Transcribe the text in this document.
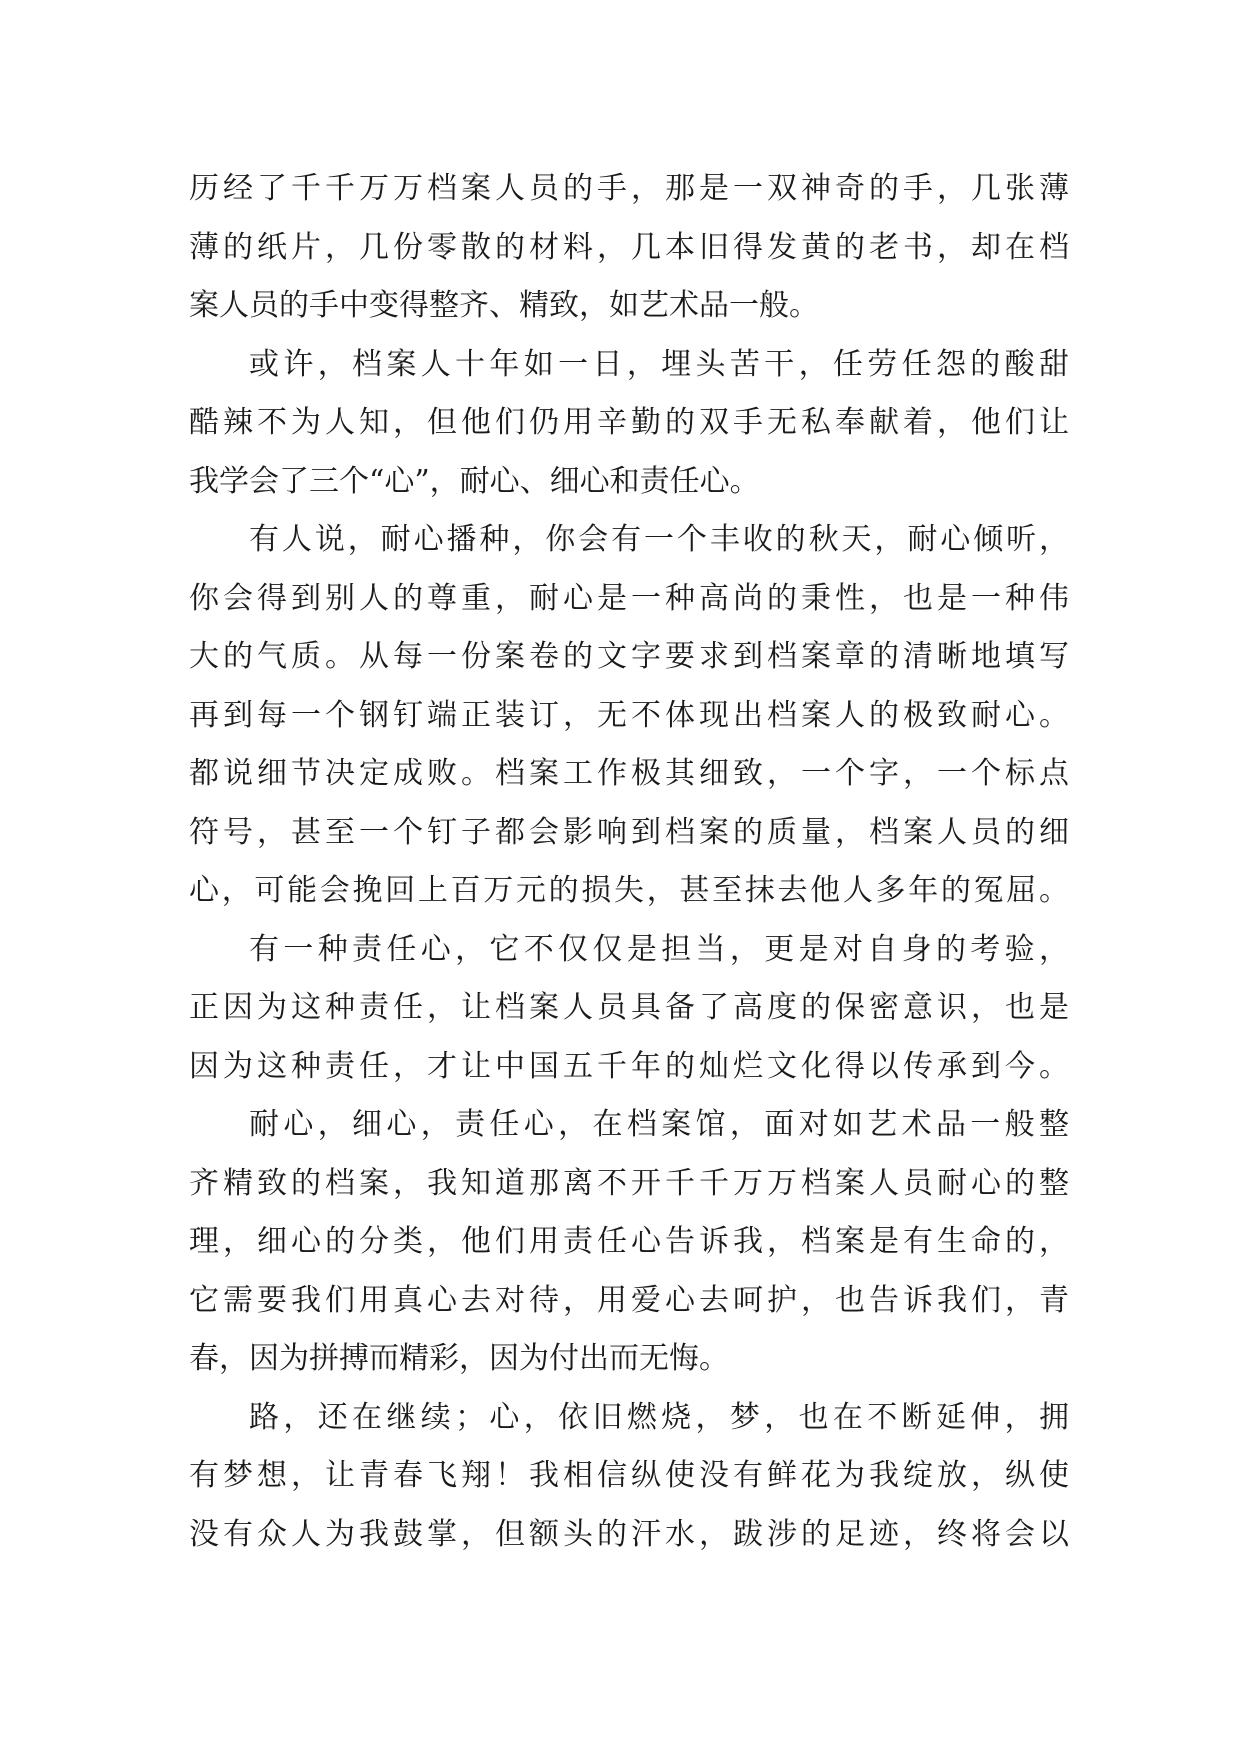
历经了千千万万档案人员的手，那是一双神奇的手，几张薄
薄的纸片，几份零散的材料，几本旧得发黄的老书，却在档
案人员的手中变得整齐、精致，如艺术品一般。
或许，档案人十年如一日，埋头苦干，任劳任怨的酸甜
酷辣不为人知，但他们仍用辛勤的双手无私奉献着，他们让
我学会了三个“心”，耐心、细心和责任心。
有人说，耐心播种，你会有一个丰收的秋天，耐心倾听，
你会得到别人的尊重，耐心是一种高尚的秉性，也是一种伟
大的气质。从每一份案卷的文字要求到档案章的清晰地填写
再到每一个钢钉端正装订，无不体现出档案人的极致耐心。
都说细节决定成败。档案工作极其细致，一个字，一个标点
符号，甚至一个钉子都会影响到档案的质量，档案人员的细
心，可能会挽回上百万元的损失，甚至抹去他人多年的冤屈。
有一种责任心，它不仅仅是担当，更是对自身的考验，
正因为这种责任，让档案人员具备了高度的保密意识，也是
因为这种责任，才让中国五千年的灿烂文化得以传承到今。
耐心，细心，责任心，在档案馆，面对如艺术品一般整
齐精致的档案，我知道那离不开千千万万档案人员耐心的整
理，细心的分类，他们用责任心告诉我，档案是有生命的，
它需要我们用真心去对待，用爱心去呵护，也告诉我们，青
春，因为拼搏而精彩，因为付出而无悔。
路，还在继续；心，依旧燃烧，梦，也在不断延伸，拥
有梦想，让青春飞翔！我相信纵使没有鲜花为我绽放，纵使
没有众人为我鼓掌，但额头的汗水，跋涉的足迹，终将会以
